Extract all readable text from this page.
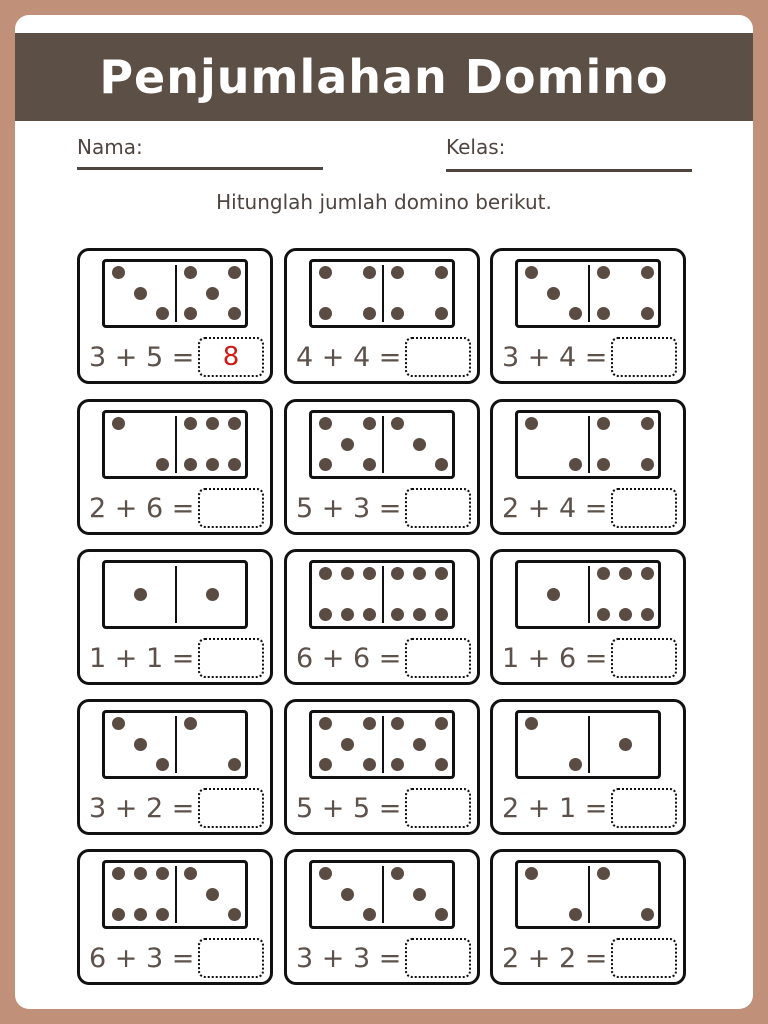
Penjumlahan Domino
Nama:	Kelas:
Hitunglah jumlah domino berikut.
3 + 5 =	8	4 + 4 =	3 + 4 =
2 + 6 =	5 + 3 =	2 + 4 =
1 + 1 =	6 + 6 =	1 + 6 =
3 + 2 =	5 + 5 =	2 + 1 =
6 + 3 =	3 + 3 =	2 + 2 =
